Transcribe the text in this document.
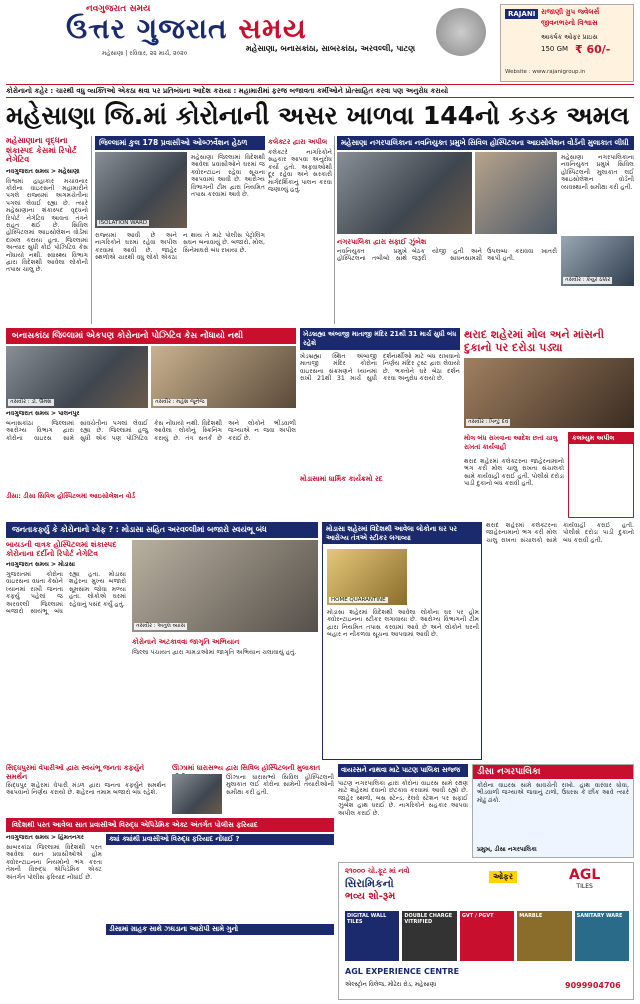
નવગુજરાત સમય
ઉત્તર ગુજરાત સમય
મહેસાણા, બનાસકાંઠા, સાબરકાંઠા, અરવલ્લી, પાટણ
મહેસાણા | રવિવાર, ૨૨ માર્ચ, ૨૦૨૦
RAJANI રાજાણી ગ્રુપ જ્વેલર્સ
જીવનભરનો વિશ્વાસ
આકર્ષક ઓફર પ્રાઇસ
150 GM ₹ 60/-
Website : www.rajanigroup.in
કોરોનાનો કહેર : ચારથી વધુ વ્યક્તિઓ એકઠા થવા પર પ્રતિબંધના આદેશ કરાયા : મહામારીમાં ફરજ બજાવતા કર્મીઓને પ્રોત્સાહિત કરવા પણ અનુરોધ કરાયો
મહેસાણા જિ.માં કોરોનાની અસર ખાળવા 144નો કડક અમલ
મહેસાણાના વૃદ્ધના શંકાસ્પદ કેસમાં રિપોર્ટ નેગેટિવ
નવગુજરાત સમય > મહેસાણા
વિશ્વમાં હાહાકાર મચાવનાર કોરોના વાઇરસની મહામારીને પગલે રાજ્યમાં અગમચેતીના પગલાં લેવાઈ રહ્યા છે. ત્યારે મહેસાણાના શંકાસ્પદ વૃદ્ધનો રિપોર્ટ નેગેટિવ આવતા તંત્રને રાહત થઈ છે. સિવિલ હોસ્પિટલમાં આઇસોલેશન વોર્ડમાં દાખલ કરાયા હતા. જિલ્લામાં અત્યાર સુધી કોઈ પોઝિટિવ કેસ નોંધાયો નથી. સ્વાસ્થ્ય વિભાગ દ્વારા વિદેશથી આવેલા લોકોની તપાસ ચાલુ છે.
જિલ્લામાં કુલ 178 પ્રવાસીઓ ઓબ્ઝર્વેશન હેઠળ
ISOLATION WARD
મહેસાણા જિલ્લામાં વિદેશથી આવેલા પ્રવાસીઓને ઘરમાં જ ક્વોરન્ટાઇન રહેવા સૂચના આપવામાં આવી છે. આરોગ્ય વિભાગની ટીમ દ્વારા નિયમિત તપાસ કરવામાં આવે છે.
રાજ્યમાં આવી છે અને નાગરિકોને ઘરમાં રહેવા અપીલ કરવામાં આવી છે. જાહેર સ્થળોએ ચારથી વધુ લોકો એકઠા ન થાય તે માટે પોલીસ પેટ્રોલિંગ સઘન બનાવાયું છે. બજારો, મોલ, સિનેમાઘરો બંધ રખાયા છે.
કલેક્ટર દ્વારા અપીલ
કલેક્ટરે નાગરિકોને સહકાર આપવા અનુરોધ કર્યો હતો. અફવાઓથી દૂર રહેવા અને સરકારી માર્ગદર્શિકાનું પાલન કરવા જણાવ્યું હતું.
મહેસાણા નગરપાલિકાના નવનિયુક્ત પ્રમુખે સિવિલ હોસ્પિટલના આઇસોલેશન વોર્ડની મુલાકાત લીધી
મહેસાણા નગરપાલિકાના નવનિયુક્ત પ્રમુખે સિવિલ હોસ્પિટલની મુલાકાત લઈ આઇસોલેશન વોર્ડની વ્યવસ્થાની સમીક્ષા કરી હતી.
તસવીર : કેયુર ઠક્કર
નગરપાલિકા દ્વારા સફાઈ ઝુંબેશ
નવનિયુક્ત પ્રમુખે હોસ્પિટલના તબીબો સાથે બેઠક યોજી હતી અને જરૂરી સાધનસામગ્રી ઉપલબ્ધ કરાવવા ખાતરી આપી હતી.
બનાસકાંઠા જિલ્લામાં એકપણ કોરોનાનો પોઝિટિવ કેસ નોંધાયો નથી
તસવીર : ડૉ. ઉમેશ	તસવીર : મહેશ જૂનેજ
નવગુજરાત સમય > પાલનપુર
બનાસકાંઠા જિલ્લામાં આરોગ્ય વિભાગ દ્વારા કોરોના વાઇરસ સામે સાવચેતીના પગલાં લેવાઈ રહ્યા છે. જિલ્લામાં હજુ સુધી એક પણ પોઝિટિવ કેસ નોંધાયો નથી. વિદેશથી આવેલા લોકોનું સ્ક્રિનિંગ કરાયું છે. તંત્ર સતર્ક છે અને લોકોને ભીડવાળી જગ્યાએ ન જવા અપીલ કરાઈ છે.
ડીસા: ડીસા સિવિલ હોસ્પિટલમાં આઇસોલેશન વોર્ડ
ખેડબ્રહ્મા અંબાજી માતાજી મંદિર 21થી 31 માર્ચ સુધી બંધ રહેશે
ખેડબ્રહ્મા સ્થિત અંબાજી માતાજી મંદિર કોરોના વાઇરસના સંક્રમણને ધ્યાનમાં રાખી 21થી 31 માર્ચ સુધી દર્શનાર્થીઓ માટે બંધ રાખવાનો નિર્ણય મંદિર ટ્રસ્ટ દ્વારા લેવાયો છે. ભક્તોને ઘરે બેઠા દર્શન કરવા અનુરોધ કરાયો છે.
મોડાસામાં ધાર્મિક કાર્યક્રમો રદ
થરાદ શહેરમાં મોલ અને માંસની દુકાનો પર દરોડા પડ્યા
તસવીર : પિન્ટુ દવે
મોલ બંધ રાખવાના આદેશ છતાં ચાલુ રાખતાં કાર્યવાહી
થરાદ શહેરમાં કલેક્ટરના જાહેરનામાનો ભંગ કરી મોલ ચાલુ રાખતા સંચાલકો સામે કાર્યવાહી કરાઈ હતી. પોલીસે દરોડા પાડી દુકાનો બંધ કરાવી હતી.
કલમ્યુમ અપીલ
જનતાકર્ફ્યુ કે કોરોનાનો ખોફ ? : મોડાસા સહિત અરવલ્લીમાં બજારો સ્વયંભૂ બંધ
બાયડની વાત્રક હોસ્પિટલમાં શંકાસ્પદ કોરોનાના દર્દીનો રિપોર્ટ નેગેટિવ
નવગુજરાત સમય > મોડાસા
ગુજરાતમાં કોરોના વાઇરસના વધતા કેસોને ધ્યાનમાં રાખી જનતા કર્ફ્યુ પહેલાં જ અરવલ્લી જિલ્લામાં બજારો સ્વયંભૂ બંધ રહ્યા હતા. મોડાસા શહેરના મુખ્ય બજારો સૂમસામ જોવા મળ્યા હતા. લોકોએ ઘરમાં રહેવાનું પસંદ કર્યું હતું.
તસવીર : અતુલ વ્યાસ
કોરોનાને અટકાવવા જાગૃતિ અભિયાન
જિલ્લા પંચાયત દ્વારા ગામડાઓમાં જાગૃતિ અભિયાન ચલાવાયું હતું.
મોડાસા શહેરમાં વિદેશથી આવેલા લોકોના ઘર પર આરોગ્ય તંત્રએ સ્ટીકર લગાવ્યા
HOME QUARANTINE
મોડાસા શહેરમાં વિદેશથી આવેલા લોકોના ઘર પર હોમ ક્વોરન્ટાઇનના સ્ટીકર લગાવાયા છે. આરોગ્ય વિભાગની ટીમ દ્વારા નિયમિત તપાસ કરવામાં આવે છે અને લોકોને ઘરની બહાર ન નીકળવા સૂચના આપવામાં આવી છે.
થરાદ શહેરમાં કલેક્ટરના જાહેરનામાનો ભંગ કરી મોલ ચાલુ રાખતા સંચાલકો સામે કાર્યવાહી કરાઈ હતી. પોલીસે દરોડા પાડી દુકાનો બંધ કરાવી હતી.
સિદ્ધપુરમાં વેપારીઓ દ્વારા સ્વયંભૂ જનતા કર્ફ્યુને સમર્થન
સિદ્ધપુર શહેરમાં વેપારી મંડળ દ્વારા જનતા કર્ફ્યુને સમર્થન આપવાનો નિર્ણય કરાયો છે. શહેરના તમામ બજારો બંધ રહેશે.
ઊંઝામાં ધારાસભ્ય દ્વારા સિવિલ હોસ્પિટલની મુલાકાત
ઊંઝાના ધારાસભ્યે સિવિલ હોસ્પિટલની મુલાકાત લઈ કોરોના સામેની તૈયારીઓની સમીક્ષા કરી હતી.
વિદેશથી પરત આવેલા સાત પ્રવાસીઓ વિરુદ્ધ એપિડેમિક એક્ટ અંતર્ગત પોલીસ ફરિયાદ
નવગુજરાત સમય > હિંમતનગર
સાબરકાંઠા જિલ્લામાં વિદેશથી પરત આવેલા સાત પ્રવાસીઓએ હોમ ક્વોરન્ટાઇનના નિયમોનો ભંગ કરતા તેમની વિરુદ્ધ એપિડેમિક એક્ટ અંતર્ગત પોલીસ ફરિયાદ નોંધાઈ છે.
ક્યાં ક્યાંથી પ્રવાસીઓ વિરુદ્ધ ફરિયાદ નોંધાઈ ?
ડીસામાં ગ્રાહક સાથે ઝઘડાના આરોપી સામે ગુનો
વાયરસને નાથવા માટે પાટણ પાલિકા સજ્જ
પાટણ નગરપાલિકા દ્વારા કોરોના વાઇરસ સામે રક્ષણ માટે શહેરમાં દવાનો છંટકાવ કરવામાં આવી રહ્યો છે. જાહેર સ્થળો, બસ સ્ટેન્ડ, રેલવે સ્ટેશન પર સફાઈ ઝુંબેશ હાથ ધરાઈ છે. નાગરિકોને સહકાર આપવા અપીલ કરાઈ છે.
ડીસા નગરપાલિકા
કોરોના વાઇરસ સામે સાવચેતી રાખો. હાથ વારંવાર ધોવા, ભીડવાળી જગ્યાએ જવાનું ટાળો, ઉધરસ કે છીંક આવે ત્યારે મોઢું ઢાંકો.
પ્રમુખ, ડીસા નગરપાલિકા
૨૧૦૦૦ ચો.ફૂટ માં નવો
સિરામિકનો
ભવ્ય શો-રૂમ
ઓફર	AGL
TILES
DIGITAL WALL TILES
DOUBLE CHARGE VITRIFIED
GVT / PGVT	MARBLE	SANITARY WARE
AGL EXPERIENCE CENTRE
એલ્સ્ટ્રોન વિલેજ, મોઢેરા રોડ, મહેસાણા	9099904706
